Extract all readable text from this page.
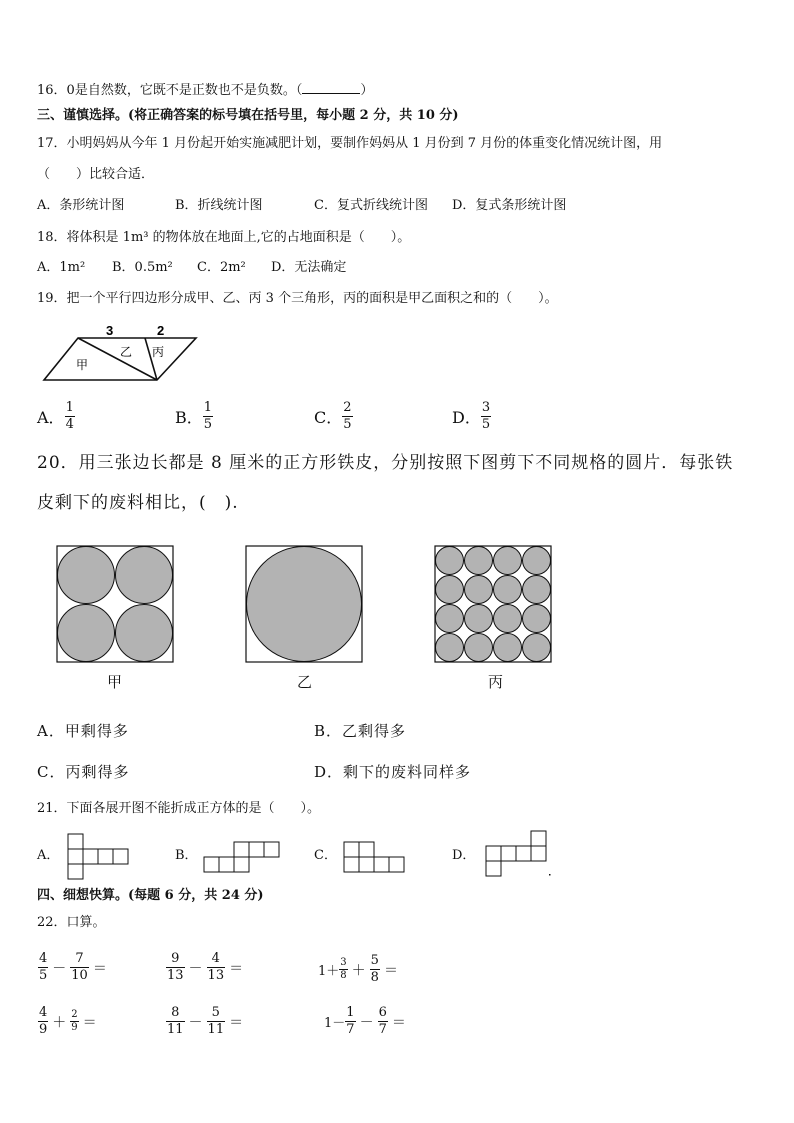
16．0是自然数，它既不是正数也不是负数。（	）
三、谨慎选择。(将正确答案的标号填在括号里，每小题 2 分，共 10 分)
17．小明妈妈从今年 1 月份起开始实施减肥计划，要制作妈妈从 1 月份到 7 月份的体重变化情况统计图，用
（　　）比较合适．
A．条形统计图	B．折线统计图	C．复式折线统计图 D．复式条形统计图
18．将体积是 1m³ 的物体放在地面上,它的占地面积是（　　）。
A．1m² B．0.5m² C．2m² D．无法确定
19．把一个平行四边形分成甲、乙、丙 3 个三角形，丙的面积是甲乙面积之和的（　　）。
3	2
甲
乙 丙
A． $\frac{1}{4}$	B． $\frac{1}{5}$	C． $\frac{2}{5}$	D． $\frac{3}{5}$
20．用三张边长都是 8 厘米的正方形铁皮，分别按照下图剪下不同规格的圆片．每张铁
皮剩下的废料相比，(　).
甲	乙	丙
A．甲剩得多	B．乙剩得多
C．丙剩得多	D．剩下的废料同样多
21．下面各展开图不能折成正方体的是（　　）。
A．	B．	C．	D．
四、细想快算。(每题 6 分，共 24 分)
22．口算。
$\frac{4}{5} - \frac{7}{10}$ ＝	$\frac{9}{13} - \frac{4}{13}$ ＝	$1+ \frac{3}{8} + \frac{5}{8}$ ＝
$\frac{4}{9} + \frac{2}{9}$ ＝	$\frac{8}{11} - \frac{5}{11}$ ＝	$1- \frac{1}{7} - \frac{6}{7}$ ＝
